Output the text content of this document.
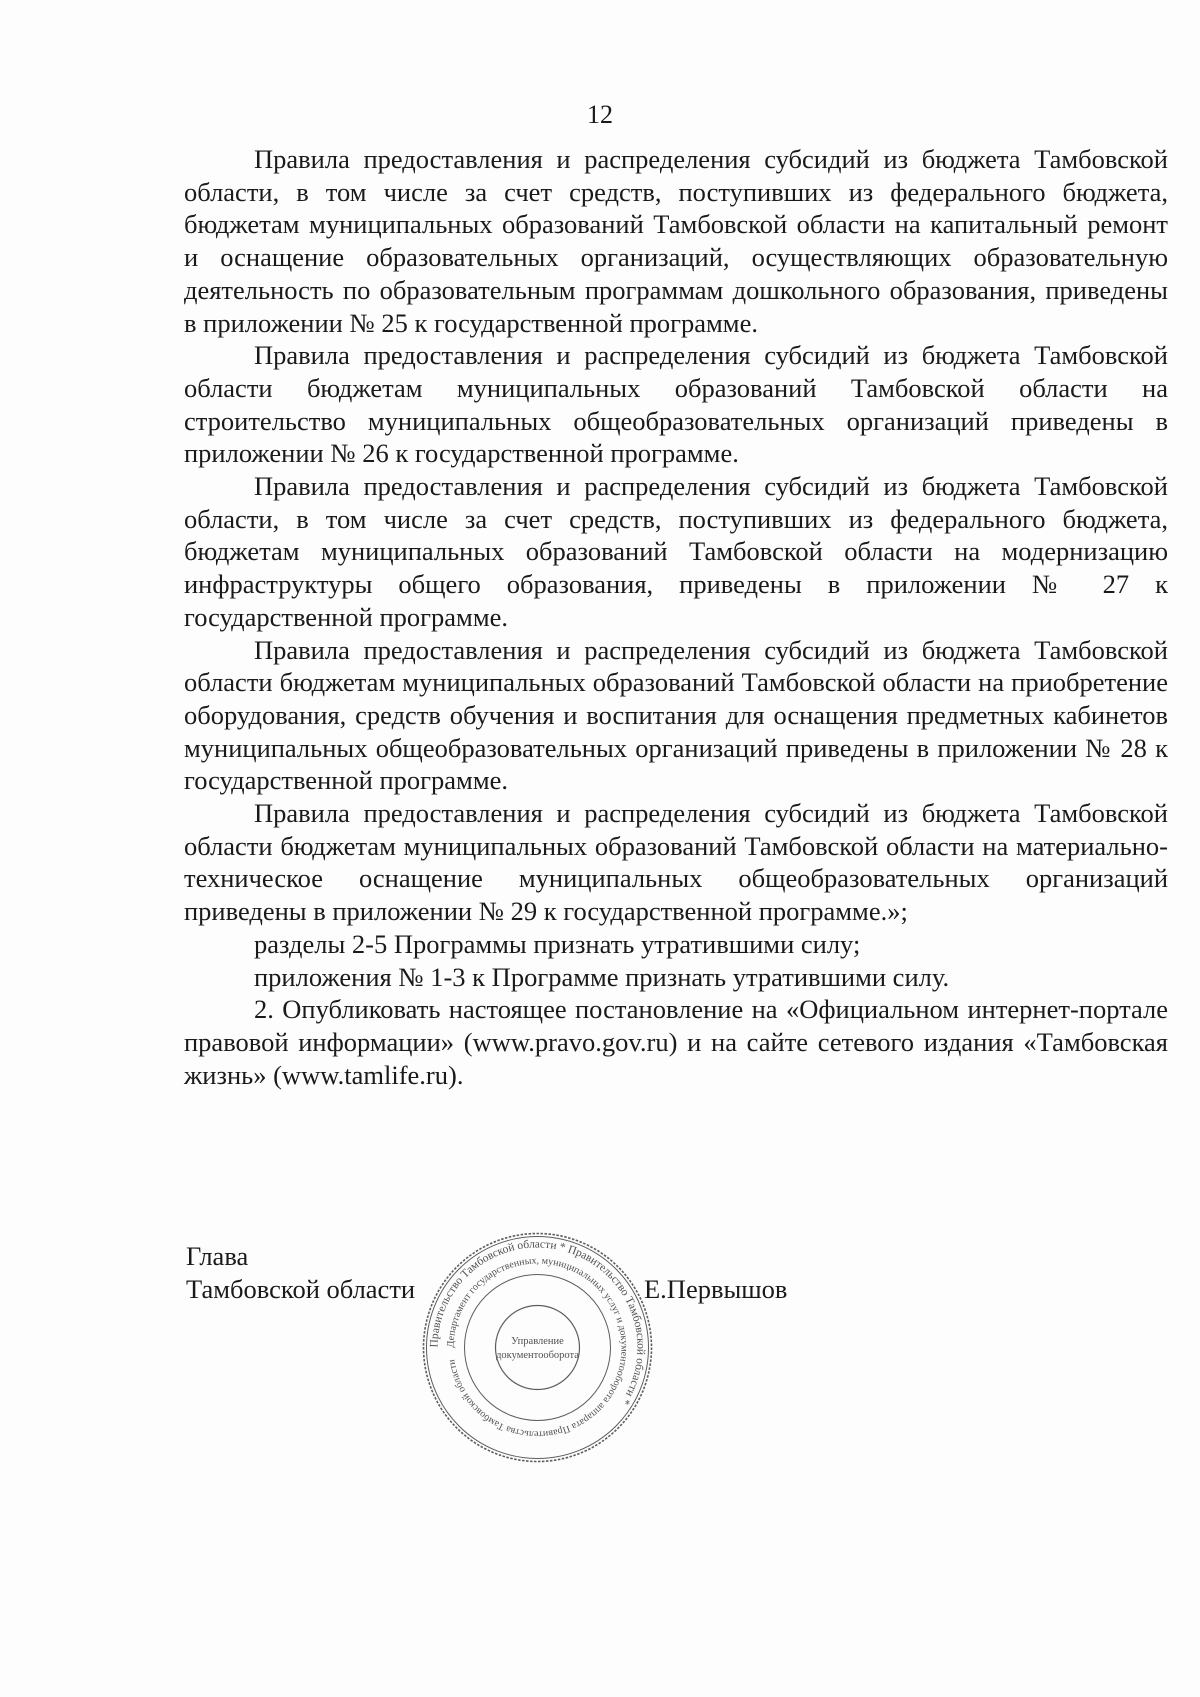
12

Правила предоставления и распределения субсидий из бюджета Тамбовской области, в том числе за счет средств, поступивших из федерального бюджета, бюджетам муниципальных образований Тамбовской области на капитальный ремонт и оснащение образовательных организаций, осуществляющих образовательную деятельность по образовательным программам дошкольного образования, приведены в приложении № 25 к государственной программе.

Правила предоставления и распределения субсидий из бюджета Тамбовской области бюджетам муниципальных образований Тамбовской области на строительство муниципальных общеобразовательных организаций приведены в приложении № 26 к государственной программе.

Правила предоставления и распределения субсидий из бюджета Тамбовской области, в том числе за счет средств, поступивших из федерального бюджета, бюджетам муниципальных образований Тамбовской области на модернизацию инфраструктуры общего образования, приведены в приложении № 27 к государственной программе.

Правила предоставления и распределения субсидий из бюджета Тамбовской области бюджетам муниципальных образований Тамбовской области на приобретение оборудования, средств обучения и воспитания для оснащения предметных кабинетов муниципальных общеобразовательных организаций приведены в приложении № 28 к государственной программе.

Правила предоставления и распределения субсидий из бюджета Тамбовской области бюджетам муниципальных образований Тамбовской области на материально-техническое оснащение муниципальных общеобразовательных организаций приведены в приложении № 29 к государственной программе.»;

разделы 2-5 Программы признать утратившими силу;

приложения № 1-3 к Программе признать утратившими силу.

2. Опубликовать настоящее постановление на «Официальном интернет-портале правовой информации» (www.pravo.gov.ru) и на сайте сетевого издания «Тамбовская жизнь» (www.tamlife.ru).

Глава
Тамбовской области	Е.Первышов
Правительство Тамбовской области * Правительство Тамбовской области *
Департамент государственных, муниципальных услуг и документооборота аппарата Правительства Тамбовской области
Управление
документооборота
